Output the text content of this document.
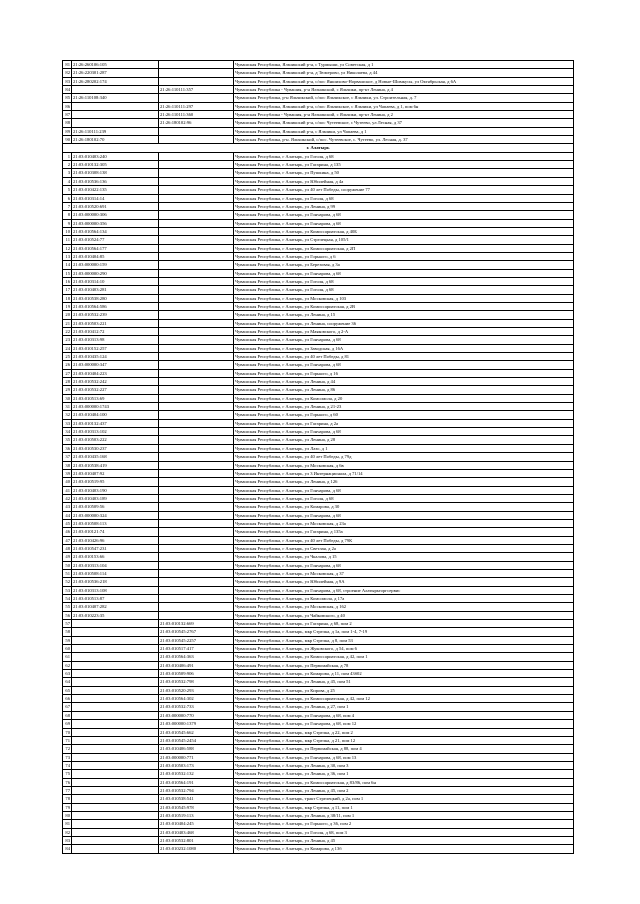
81	21:26:260106:105		Чувашская Республика, Яльчикский р-н, с Турмыши, ул Советская, д 1
82	21:26:220301:287		Чувашская Республика, Яльчикский р-н, д Тюмерово, ул Николаева, д 44
83	21:26:280202:174		Чувашская Республика, Яльчикский р-н, с/пос Яншихово-Норвашское, д Новые-Шимкусы, ул Октябрьская, д 6А
84		21:26:110111:357	Чувашская Республика - Чувашия, р-н Яльчикский, с Яльчики, пр-кт Ленина, д 4
85	21:26:110108:340		Чувашская Республика, р-н Яльчикский, с/пос Яльчикское, с Яльчики, ул. Строительная, д. 7
86		21:26:110111:297	Чувашская Республика, Яльчикский р-н, с/пос Яльчикское, с Яльчики, ул Чапаева, д 1, пом 6н
87		21:26:110111:360	Чувашская Республика - Чувашия, р-н Яльчикский, с Яльчики, пр-кт Ленина, д 2
88		21:26:180102:96	Чувашская Республика, Яльчикский р-н, с/пос Чутеевское, с Чутеево, ул Лесная, д 37
89	21:26:110111:239		Чувашская Республика, Яльчикский р-н, с Яльчики, ул Чапаева, д 1
90	21:26:180102:70		Чувашская Республика, р-н. Яльчикский, с/пос. Чутеевское, с. Чутеево, ул. Лесная, д. 37
г. Алатырь			
1	21:03:010403:240		Чувашская Республика, г Алатырь, ул Гоголя, д 68
2	21:03:010132:305		Чувашская Республика, г Алатырь, ул Гагарина, д 135
3	21:03:010308:138		Чувашская Республика, г Алатырь, ул Пушкина, д 50
4	21:03:010536:136		Чувашская Республика, г Алатырь, ул Юбилейная, д 4а
5	21:03:010422:135		Чувашская Республика, г Алатырь, ул 40 лет Победы, сооружение 77
6	21:03:010314:14		Чувашская Республика, г Алатырь, ул Гоголя, д 68
7	21:03:010520:691		Чувашская Республика, г Алатырь, ул Ленина, д 99
8	21:03:000000:306		Чувашская Республика, г Алатырь, ул Гончарова, д 68
9	21:03:000000:356		Чувашская Республика, г Алатырь, ул Гончарова, д 68
10	21:03:010564:134		Чувашская Республика, г Алатырь, ул Комиссариатская, д 40Б
11	21:03:010524:77		Чувашская Республика, г Алатырь, ул Стрелецкая, д 105/1
12	21:03:010564:177		Чувашская Республика, г Алатырь, ул Комиссариатская, д 2П
13	21:03:010404:85		Чувашская Республика, г Алатырь, ул Горького, д 6
14	21:03:000000:159		Чувашская Республика, г Алатырь, ул Березовая, д 3а
15	21:03:000000:290		Чувашская Республика, г Алатырь, ул Гончарова, д 68
16	21:03:010314:10		Чувашская Республика, г Алатырь, ул Гоголя, д 68
17	21:03:010403:281		Чувашская Республика, г Алатырь, ул Гоголя, д 68
18	21:03:010538:280		Чувашская Республика, г Алатырь, ул Московская, д 103
19	21:03:010564:586		Чувашская Республика, г Алатырь, ул Комиссариатская, д 2В
20	21:03:010532:239		Чувашская Республика, г Алатырь, ул Ленина, д 15
21	21:03:010503:221		Чувашская Республика, г Алатырь, ул Ленина, сооружение 36
22	21:03:010412:72		Чувашская Республика, г Алатырь, ул Маяковского, д 2-А
23	21:03:010313:98		Чувашская Республика, г Алатырь, ул Гончарова, д 68
24	21:03:010152:257		Чувашская Республика, г Алатырь, ул Заводская, д 16А
25	21:03:010435:124		Чувашская Республика, г Алатырь, ул 40 лет Победы, д 81
26	21:03:000000:347		Чувашская Республика, г Алатырь, ул Гончарова, д 68
27	21:03:010404:223		Чувашская Республика, г Алатырь, ул Горького, д 16
28	21:03:010532:242		Чувашская Республика, г Алатырь, ул Ленина, д 44
29	21:03:010532:227		Чувашская Республика, г Алатырь, ул Ленина, д 86
30	21:03:010513:69		Чувашская Республика, г Алатырь, ул Комсомола, д 20
31	21:03:000000:1743		Чувашская Республика, г Алатырь, ул Ленина, д 21-23
32	21:03:010404:100		Чувашская Республика, г Алатырь, ул Горького, д 60
33	21:03:010132:437		Чувашская Республика, г Алатырь, ул Гагарина, д 2а
34	21:03:010313:102		Чувашская Республика, г Алатырь, ул Гончарова, д 68
35	21:03:010503:222		Чувашская Республика, г Алатырь, ул Ленина, д 28
36	21:03:010530:237		Чувашская Республика, г Алатырь, ул Лазо, д 1
37	21:03:010435:168		Чувашская Республика, г Алатырь, ул 40 лет Победы, д 79д
38	21:03:010538:419		Чувашская Республика, г Алатырь, ул Московская, д 6в
39	21:03:010407:92		Чувашская Республика, г Алатырь, ул 3 Интернационала, д 71/14
40	21:03:010519:95		Чувашская Республика, г Алатырь, ул Ленина, д 126
41	21:03:010403:190		Чувашская Республика, г Алатырь, ул Гончарова, д 68
42	21:03:010403:189		Чувашская Республика, г Алатырь, ул Гоголя, д 68
43	21:03:010509:56		Чувашская Республика, г Алатырь, ул Комарова, д 30
44	21:03:000000:324		Чувашская Республика, г Алатырь, ул Гончарова, д 68
45	21:03:010508:113		Чувашская Республика, г Алатырь, ул Московская, д 23а
46	21:03:010121:74		Чувашская Республика, г Алатырь, ул Гагарина, д 135а
47	21:03:010426:96		Чувашская Республика, г Алатырь, ул 40 лет Победы, д 79К
48	21:03:010547:231		Чувашская Республика, г Алатырь, ул Светлая, д 2а
49	21:03:010153:66		Чувашская Республика, г Алатырь, ул Чкалова, д 15
50	21:03:010313:104		Чувашская Республика, г Алатырь, ул Гончарова, д 68
51	21:03:010508:114		Чувашская Республика, г Алатырь, ул Московская, д 37
52	21:03:010536:218		Чувашская Республика, г Алатырь, ул Юбилейная, д 9А
53	21:03:010313:108		Чувашская Республика, г Алатырь, ул Гончарова, д 68, строение Алатырьторгсервис
54	21:03:010513:87		Чувашская Республика, г Алатырь, ул Комсомола, д 17а
55	21:03:010407:282		Чувашская Республика, г Алатырь, ул Московская, д 162
56	21:03:010223:35		Чувашская Республика, г Алатырь, ул Чайковского, д 40
57		21:03:010132:669	Чувашская Республика, г Алатырь, ул Гагарина, д 68, пом 2
58		21:03:010545:2767	Чувашская Республика, г Алатырь, мкр Стрелка, д 1а, пом 1-4, 7-19
59		21:03:010545:2257	Чувашская Республика, г Алатырь, мкр Стрелка, д 8, пом 53
60		21:03:010517:417	Чувашская Республика, г Алатырь, ул Жуковского, д 54, пом 6
61		21:03:010564:363	Чувашская Республика, г Алатырь, ул Комиссариатская, д 42, пом 1
62		21:03:010406:491	Чувашская Республика, г Алатырь, ул Первомайская, д 78
63		21:03:010509:906	Чувашская Республика, г Алатырь, ул Комарова, д 11, пом 43б02
64		21:03:010532:798	Чувашская Республика, г Алатырь, ул Ленина, д 45, пом 51
65		21:03:010520:293	Чувашская Республика, г Алатырь, ул Кирова, д 25
66		21:03:010564:302	Чувашская Республика, г Алатырь, ул Комиссариатская, д 42, пом 12
67		21:03:010532:733	Чувашская Республика, г Алатырь, ул Ленина, д 27, пом 1
68		21:03:000000:770	Чувашская Республика, г Алатырь, ул Гончарова, д 68, пом 4
69		21:03:000000:1379	Чувашская Республика, г Алатырь, ул Гончарова, д 68, пом 12
70		21:03:010545:662	Чувашская Республика, г Алатырь, мкр Стрелка, д 22, пом 2
71		21:03:010545:2454	Чувашская Республика, г Алатырь, мкр Стрелка, д 21, пом 12
72		21:03:010406:588	Чувашская Республика, г Алатырь, ул Первомайская, д 88, пом 4
73		21:03:000000:771	Чувашская Республика, г Алатырь, ул Гончарова, д 68, пом 13
74		21:03:010503:173	Чувашская Республика, г Алатырь, ул Ленина, д 30, пом 3
75		21:03:010532:132	Чувашская Республика, г Алатырь, ул Ленина, д 36, пом 1
76		21:03:010564:191	Чувашская Республика, г Алатырь, ул Комиссариатская, д 83/86, пом 6н
77		21:03:010532:794	Чувашская Республика, г Алатырь, ул Ленина, д 45, пом 2
78		21:03:010538:541	Чувашская Республика, г Алатырь, тракт Стрелецкий, д 2а, пом 1
79		21:03:010545:978	Чувашская Республика, г Алатырь, мкр Стрелка, д 11, пом 1
80		21:03:010519:113	Чувашская Республика, г Алатырь, ул Ленина, д 38/11, пом 1
81		21:03:010404:245	Чувашская Республика, г Алатырь, ул Горького, д 36, пом 2
82		21:03:010403:468	Чувашская Республика, г Алатырь, ул Гоголя, д 68, пом 3
83		21:03:010532:801	Чувашская Республика, г Алатырь, ул Ленина, д 45
84		21:03:010232:1080	Чувашская Республика, г Алатырь, ул Комарова, д 13б
